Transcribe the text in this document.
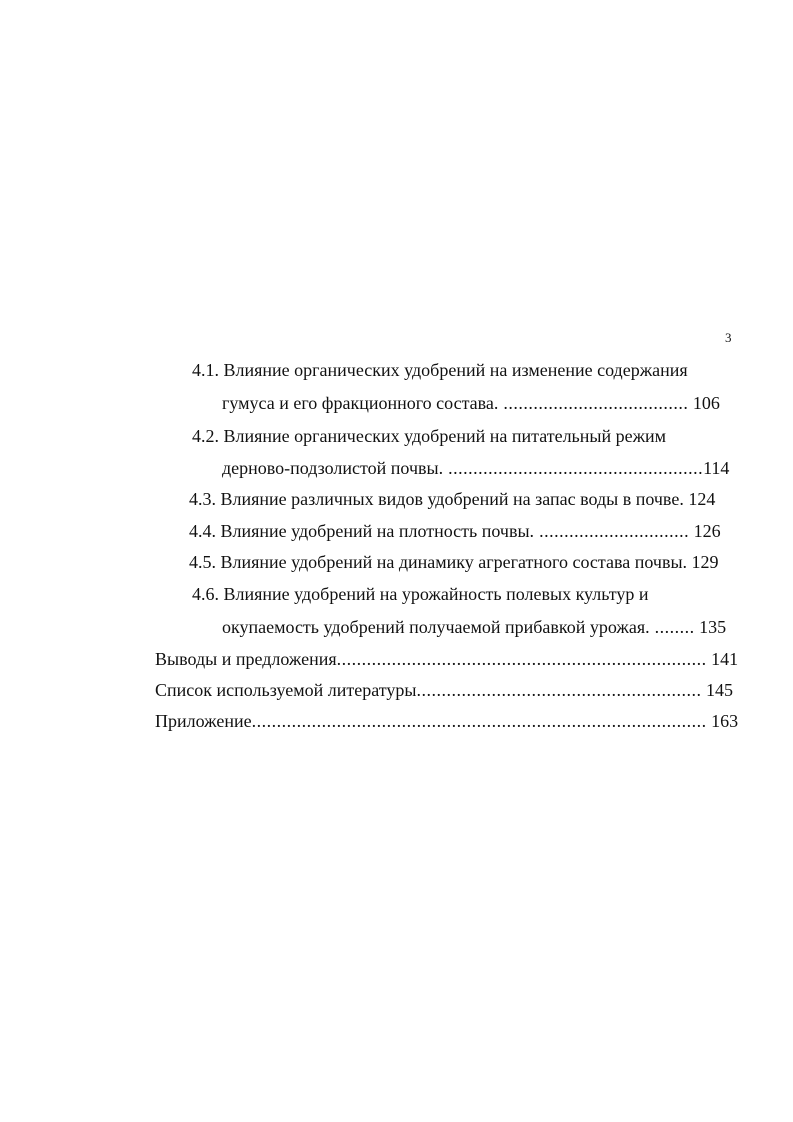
3
4.1. Влияние органических удобрений на изменение содержания
гумуса и его фракционного состава. ..................................... 106
4.2. Влияние органических удобрений на питательный режим
дерново-подзолистой почвы. ...................................................114
4.3. Влияние различных видов удобрений на запас воды в почве. 124
4.4. Влияние удобрений на плотность почвы. .............................. 126
4.5. Влияние удобрений на динамику агрегатного состава почвы. 129
4.6. Влияние удобрений на урожайность полевых культур и
окупаемость удобрений получаемой прибавкой урожая. ........ 135
Выводы и предложения.......................................................................... 141
Список используемой литературы......................................................... 145
Приложение........................................................................................... 163
